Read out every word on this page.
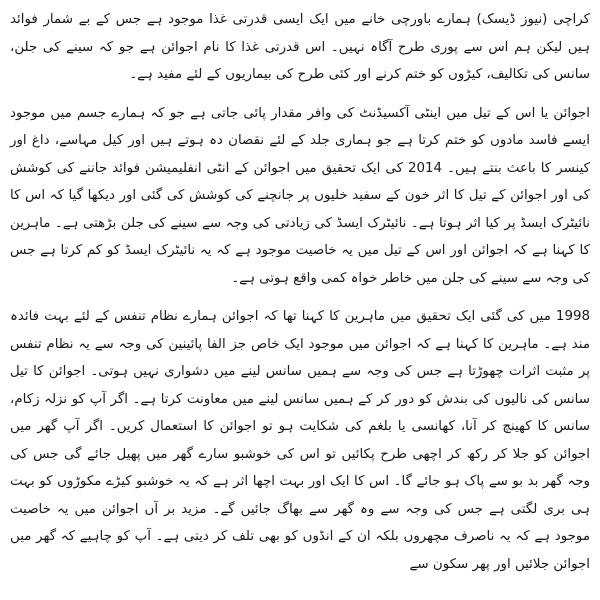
کراچی (نیوز ڈیسک) ہمارے باورچی خانے میں ایک ایسی قدرتی غذا موجود ہے جس کے بے شمار فوائد ہیں لیکن ہم اس سے پوری طرح آگاہ نہیں۔ اس قدرتی غذا کا نام اجوائن ہے جو کہ سینے کی جلن، سانس کی تکالیف، کیڑوں کو ختم کرنے اور کئی طرح کی بیماریوں کے لئے مفید ہے۔

اجوائن یا اس کے تیل میں اینٹی آکسیڈنٹ کی وافر مقدار پائی جاتی ہے جو کہ ہمارے جسم میں موجود ایسے فاسد مادوں کو ختم کرتا ہے جو ہماری جلد کے لئے نقصان دہ ہوتے ہیں اور کیل مہاسے، داغ اور کینسر کا باعث بنتے ہیں۔ 2014 کی ایک تحقیق میں اجوائن کے انٹی انفلیمیشن فوائد جاننے کی کوشش کی اور اجوائن کے تیل کا اثر خون کے سفید خلیوں پر جانچنے کی کوشش کی گئی اور دیکھا گیا کہ اس کا نائیٹرک ایسڈ پر کیا اثر ہوتا ہے۔ نائیٹرک ایسڈ کی زیادتی کی وجہ سے سینے کی جلن بڑھتی ہے۔ ماہرین کا کہنا ہے کہ اجوائن اور اس کے تیل میں یہ خاصیت موجود ہے کہ یہ نائیٹرک ایسڈ کو کم کرتا ہے جس کی وجہ سے سینے کی جلن میں خاطر خواہ کمی واقع ہوتی ہے۔

1998 میں کی گئی ایک تحقیق میں ماہرین کا کہنا تھا کہ اجوائن ہمارے نظام تنفس کے لئے بہت فائدہ مند ہے۔ ماہرین کا کہنا ہے کہ اجوائن میں موجود ایک خاص جز الفا پائینین کی وجہ سے یہ نظام تنفس پر مثبت اثرات چھوڑتا ہے جس کی وجہ سے ہمیں سانس لینے میں دشواری نہیں ہوتی۔ اجوائن کا تیل سانس کی نالیوں کی بندش کو دور کر کے ہمیں سانس لینے میں معاونت کرتا ہے۔ اگر آپ کو نزلہ زکام، سانس کا کھینچ کر آنا، کھانسی یا بلغم کی شکایت ہو تو اجوائن کا استعمال کریں۔ اگر آپ گھر میں اجوائن کو جلا کر رکھ کر اچھی طرح پکائیں تو اس کی خوشبو سارے گھر میں پھیل جائے گی جس کی وجہ گھر بد بو سے پاک ہو جائے گا۔ اس کا ایک اور بہت اچھا اثر ہے کہ یہ خوشبو کیڑے مکوڑوں کو بہت ہی بری لگتی ہے جس کی وجہ سے وہ گھر سے بھاگ جائیں گے۔ مزید بر آں اجوائن میں یہ خاصیت موجود ہے کہ یہ ناصرف مچھروں بلکہ ان کے انڈوں کو بھی تلف کر دیتی ہے۔ آپ کو چاہیے کہ گھر میں اجوائن جلائیں اور پھر سکون سے
